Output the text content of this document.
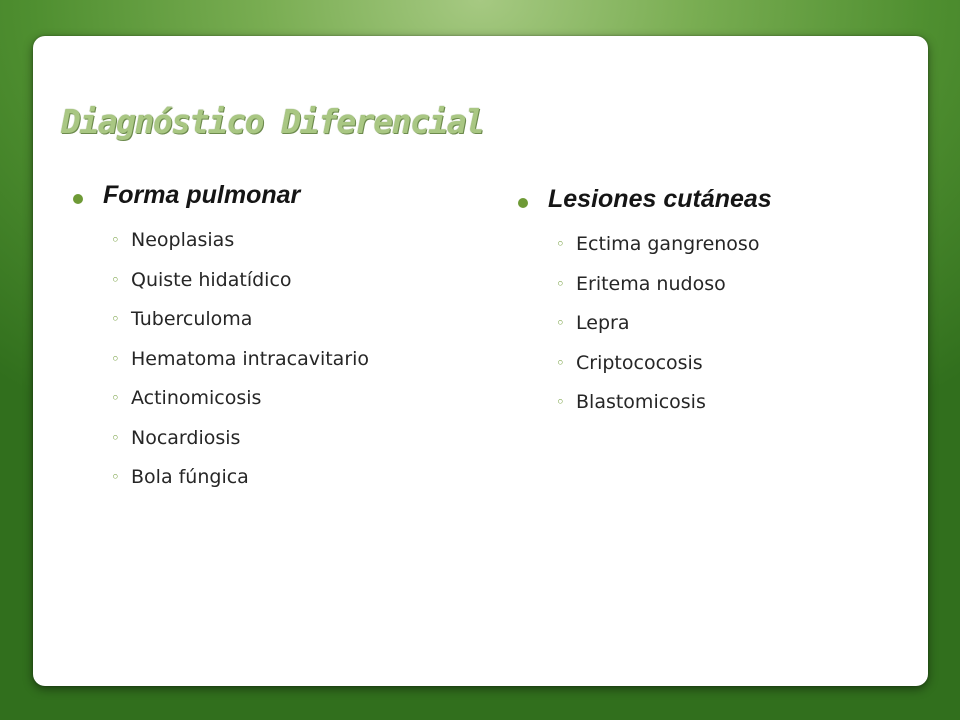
Diagnóstico Diferencial
Forma pulmonar
◦ Neoplasias
◦ Quiste hidatídico
◦ Tuberculoma
◦ Hematoma intracavitario
◦ Actinomicosis
◦ Nocardiosis
◦ Bola fúngica
Lesiones cutáneas
◦ Ectima gangrenoso
◦ Eritema nudoso
◦ Lepra
◦ Criptococosis
◦ Blastomicosis
